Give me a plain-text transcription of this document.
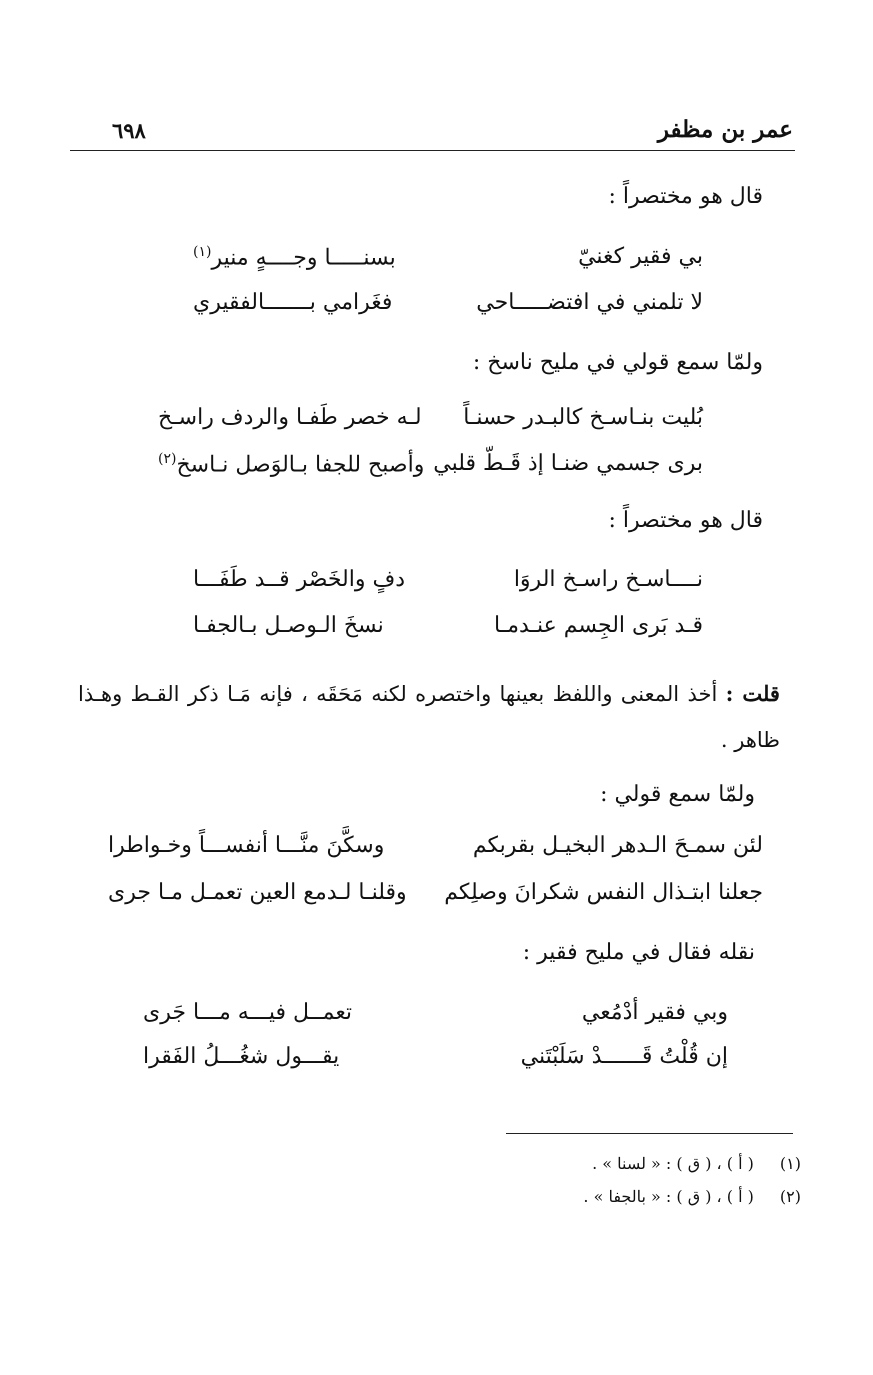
عمر بن مظفر
٦٩٨
قال هو مختصراً :
بي فقير كغنيّ
بسنـــــا وجــــهٍ منير$^{(١)}$
لا تلمني في افتضـــــاحي
فغَرامي بـــــــالفقيري
ولمّا سمع قولي في مليح ناسخ :
بُليت بنـاسـخ كالبـدر حسنـاً
لـه خصر طَفـا والردف راسـخ
برى جسمي ضنـا إذ قَـطّ قلبي
وأصبح للجفا بـالوَصل نـاسخ$^{(٢)}$
قال هو مختصراً :
نــــاسـخ راسـخ الروَا
دفٍ والخَصْر قــد طَفَـــا
قـد بَرى الجِسم عنـدمـا
نسخَ الـوصـل بـالجفـا
قلت : أخذ المعنى واللفظ بعينها واختصره لكنه مَحَقَه ، فإنه مَـا ذكر القـط وهـذا ظاهر .
ولمّا سمع قولي :
لئن سمـحَ الـدهر البخيـل بقربكم
وسكَّنَ منَّـــا أنفســـاً وخـواطرا
جعلنا ابتـذال النفس شكرانَ وصلِكم
وقلنـا لـدمع العين تعمـل مـا جرى
نقله فقال في مليح فقير :
وبي فقير أدْمُعي
تعمــل فيـــه مـــا جَرى
إن قُلْتُ قَــــــدْ سَلَبْتَني
يقـــول شغُـــلُ الفَقرا
(١) ( أ ) ، ( ق ) : « لسنا » .
(٢) ( أ ) ، ( ق ) : « بالجفا » .
